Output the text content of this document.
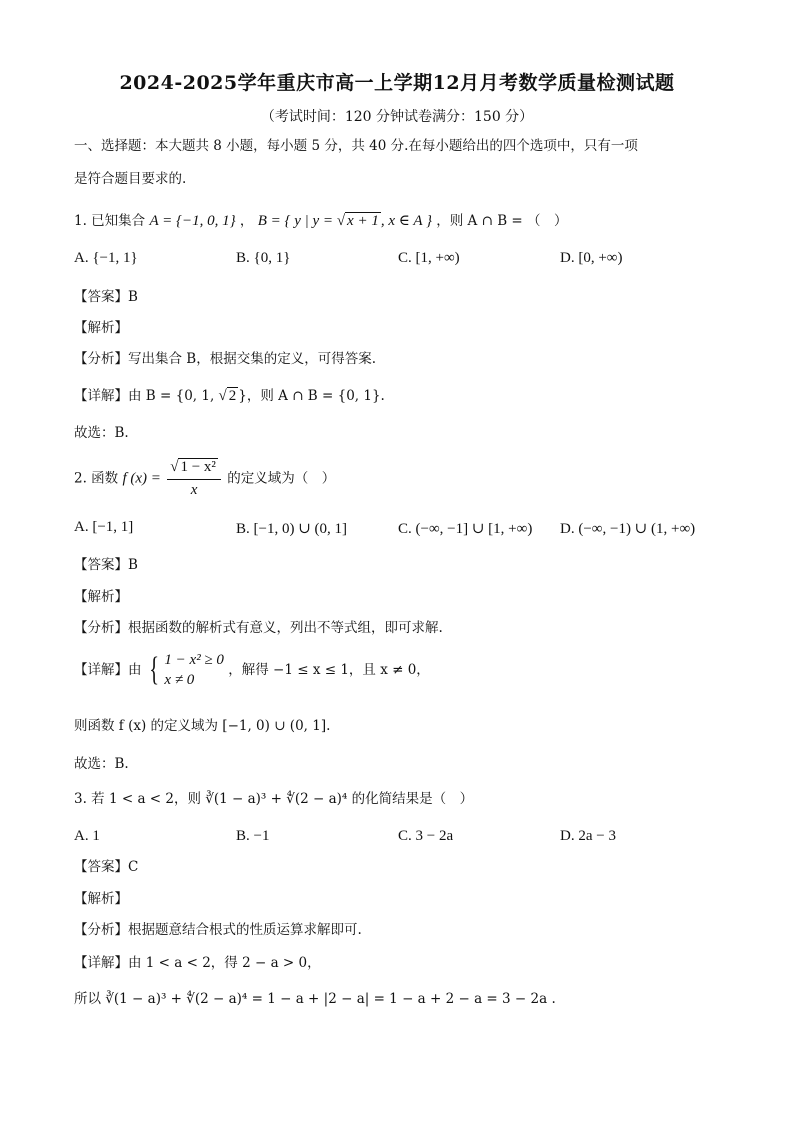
2024-2025学年重庆市高一上学期12月月考数学质量检测试题
（考试时间：120 分钟试卷满分：150 分）
一、选择题：本大题共 8 小题，每小题 5 分，共 40 分.在每小题给出的四个选项中，只有一项
是符合题目要求的.
1. 已知集合 A = {−1, 0, 1} ， B = { y | y = √ x + 1 , x ∈ A } ，则 A ∩ B = （　）
A. {−1, 1}	B. {0, 1}	C. [1, +∞)	D. [0, +∞)
【答案】B
【解析】
【分析】写出集合 B，根据交集的定义，可得答案.
【详解】由 B = {0, 1, √ 2 }，则 A ∩ B = {0, 1}.
故选：B.
2. 函数 f $(x) = \frac{\text{√ 1 − x²}}{x}$ 的定义域为（　）
A. [−1, 1]	B. [−1, 0) ∪ (0, 1]	C. (−∞, −1] ∪ [1, +∞) D. (−∞, −1) ∪ (1, +∞)
【答案】B
【解析】
【分析】根据函数的解析式有意义，列出不等式组，即可求解.
【详解】由 { 1 − x² ≥ 0
x ≠ 0
，解得 −1 ≤ x ≤ 1，且 x ≠ 0，
则函数 f (x) 的定义域为 [−1, 0) ∪ (0, 1].
故选：B.
3. 若 1 < a < 2，则 ∛(1 − a)³ + ∜(2 − a)⁴ 的化简结果是（　）
A. 1	B. −1	C. 3 − 2a	D. 2a − 3
【答案】C
【解析】
【分析】根据题意结合根式的性质运算求解即可.
【详解】由 1 < a < 2，得 2 − a > 0，
所以 ∛(1 − a)³ + ∜(2 − a)⁴ = 1 − a + |2 − a| = 1 − a + 2 − a = 3 − 2a .
